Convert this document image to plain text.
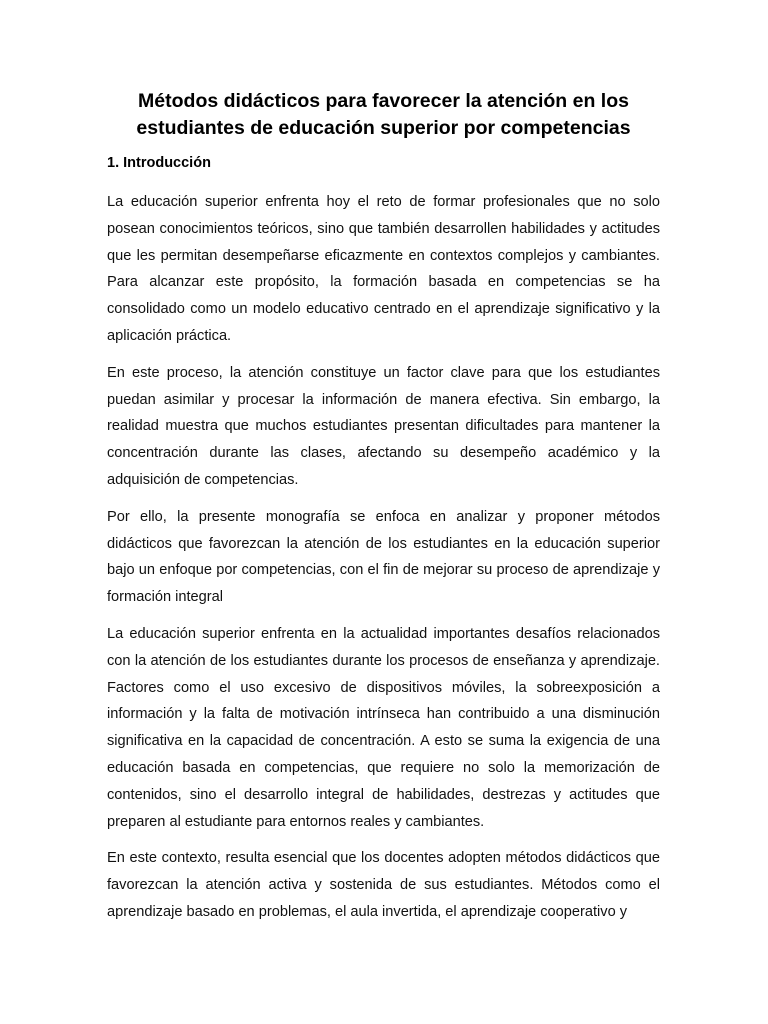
Métodos didácticos para favorecer la atención en los
estudiantes de educación superior por competencias
1. Introducción

La educación superior enfrenta hoy el reto de formar profesionales que no solo posean conocimientos teóricos, sino que también desarrollen habilidades y actitudes que les permitan desempeñarse eficazmente en contextos complejos y cambiantes. Para alcanzar este propósito, la formación basada en competencias se ha consolidado como un modelo educativo centrado en el aprendizaje significativo y la aplicación práctica.

En este proceso, la atención constituye un factor clave para que los estudiantes puedan asimilar y procesar la información de manera efectiva. Sin embargo, la realidad muestra que muchos estudiantes presentan dificultades para mantener la concentración durante las clases, afectando su desempeño académico y la adquisición de competencias.

Por ello, la presente monografía se enfoca en analizar y proponer métodos didácticos que favorezcan la atención de los estudiantes en la educación superior bajo un enfoque por competencias, con el fin de mejorar su proceso de aprendizaje y formación integral

La educación superior enfrenta en la actualidad importantes desafíos relacionados con la atención de los estudiantes durante los procesos de enseñanza y aprendizaje. Factores como el uso excesivo de dispositivos móviles, la sobreexposición a información y la falta de motivación intrínseca han contribuido a una disminución significativa en la capacidad de concentración. A esto se suma la exigencia de una educación basada en competencias, que requiere no solo la memorización de contenidos, sino el desarrollo integral de habilidades, destrezas y actitudes que preparen al estudiante para entornos reales y cambiantes.

En este contexto, resulta esencial que los docentes adopten métodos didácticos que favorezcan la atención activa y sostenida de sus estudiantes. Métodos como el aprendizaje basado en problemas, el aula invertida, el aprendizaje cooperativo y
